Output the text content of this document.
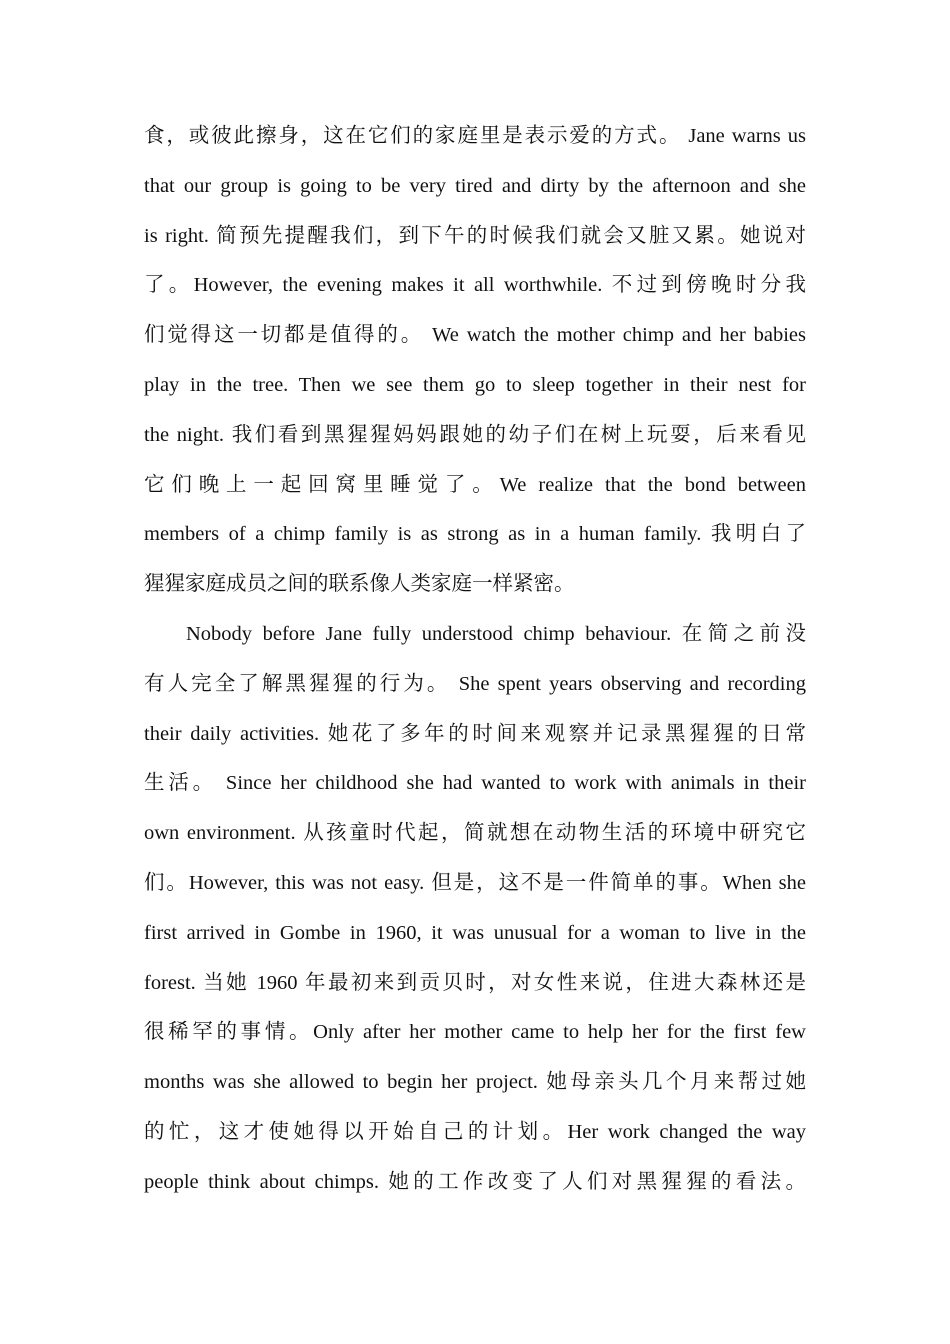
食，或彼此擦身，这在它们的家庭里是表示爱的方式。 Jane warns us
that our group is going to be very tired and dirty by the afternoon and she
is right. 简预先提醒我们，到下午的时候我们就会又脏又累。她说对
了。However, the evening makes it all worthwhile. 不过到傍晚时分我
们觉得这一切都是值得的。 We watch the mother chimp and her babies
play in the tree. Then we see them go to sleep together in their nest for
the night. 我们看到黑猩猩妈妈跟她的幼子们在树上玩耍，后来看见
它们晚上一起回窝里睡觉了。We realize that the bond between
members of a chimp family is as strong as in a human family. 我明白了
猩猩家庭成员之间的联系像人类家庭一样紧密。
Nobody before Jane fully understood chimp behaviour. 在简之前没
有人完全了解黑猩猩的行为。 She spent years observing and recording
their daily activities. 她花了多年的时间来观察并记录黑猩猩的日常
生活。 Since her childhood she had wanted to work with animals in their
own environment. 从孩童时代起，简就想在动物生活的环境中研究它
们。However, this was not easy. 但是，这不是一件简单的事。When she
first arrived in Gombe in 1960, it was unusual for a woman to live in the
forest. 当她 1960 年最初来到贡贝时，对女性来说，住进大森林还是
很稀罕的事情。Only after her mother came to help her for the first few
months was she allowed to begin her project. 她母亲头几个月来帮过她
的忙，这才使她得以开始自己的计划。Her work changed the way
people think about chimps. 她的工作改变了人们对黑猩猩的看法。
